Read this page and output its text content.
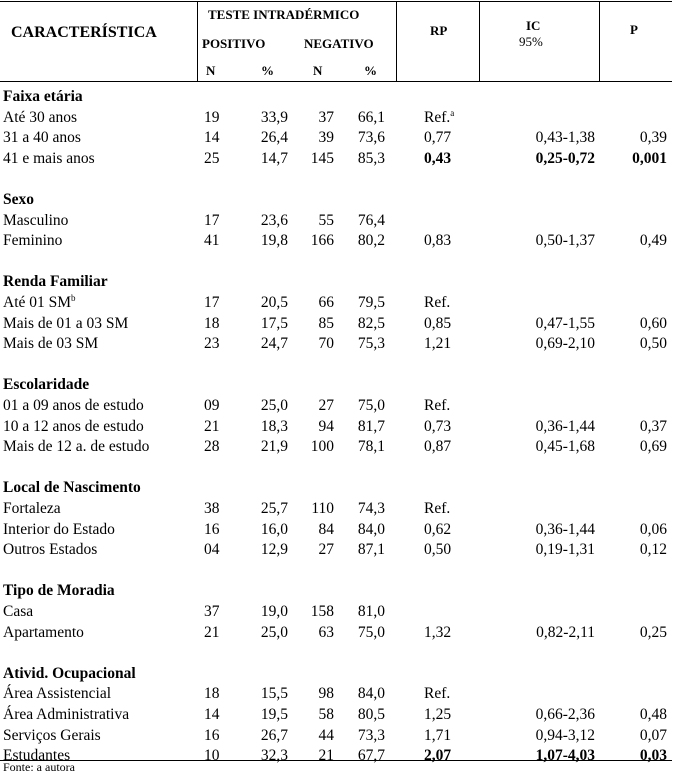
CARACTERÍSTICA
TESTE INTRADÉRMICO
POSITIVO	NEGATIVO
N	%	N	%
RP	IC
95%
P
Faixa etária
Até 30 anos	19	33,9	37	66,1	Ref.$^a$
31 a 40 anos	14	26,4	39	73,6	0,77	0,43-1,38	0,39
41 e mais anos	25	14,7	145	85,3	0,43	0,25-0,72	0,001
Sexo
Masculino	17	23,6	55	76,4
Feminino	41	19,8	166	80,2	0,83	0,50-1,37	0,49
Renda Familiar
Até 01 $SM^b$	17	20,5	66	79,5	Ref.
Mais de 01 a 03 SM	18	17,5	85	82,5	0,85	0,47-1,55	0,60
Mais de 03 SM	23	24,7	70	75,3	1,21	0,69-2,10	0,50
Escolaridade
01 a 09 anos de estudo	09	25,0	27	75,0	Ref.
10 a 12 anos de estudo	21	18,3	94	81,7	0,73	0,36-1,44	0,37
Mais de 12 a. de estudo	28	21,9	100	78,1	0,87	0,45-1,68	0,69
Local de Nascimento
Fortaleza	38	25,7	110	74,3	Ref.
Interior do Estado	16	16,0	84	84,0	0,62	0,36-1,44	0,06
Outros Estados	04	12,9	27	87,1	0,50	0,19-1,31	0,12
Tipo de Moradia
Casa	37	19,0	158	81,0
Apartamento	21	25,0	63	75,0	1,32	0,82-2,11	0,25
Ativid. Ocupacional
Área Assistencial	18	15,5	98	84,0	Ref.
Área Administrativa	14	19,5	58	80,5	1,25	0,66-2,36	0,48
Serviços Gerais	16	26,7	44	73,3	1,71	0,94-3,12	0,07
Estudantes	10	32,3	21	67,7	2,07	1,07-4,03	0,03
Fonte: a autora
